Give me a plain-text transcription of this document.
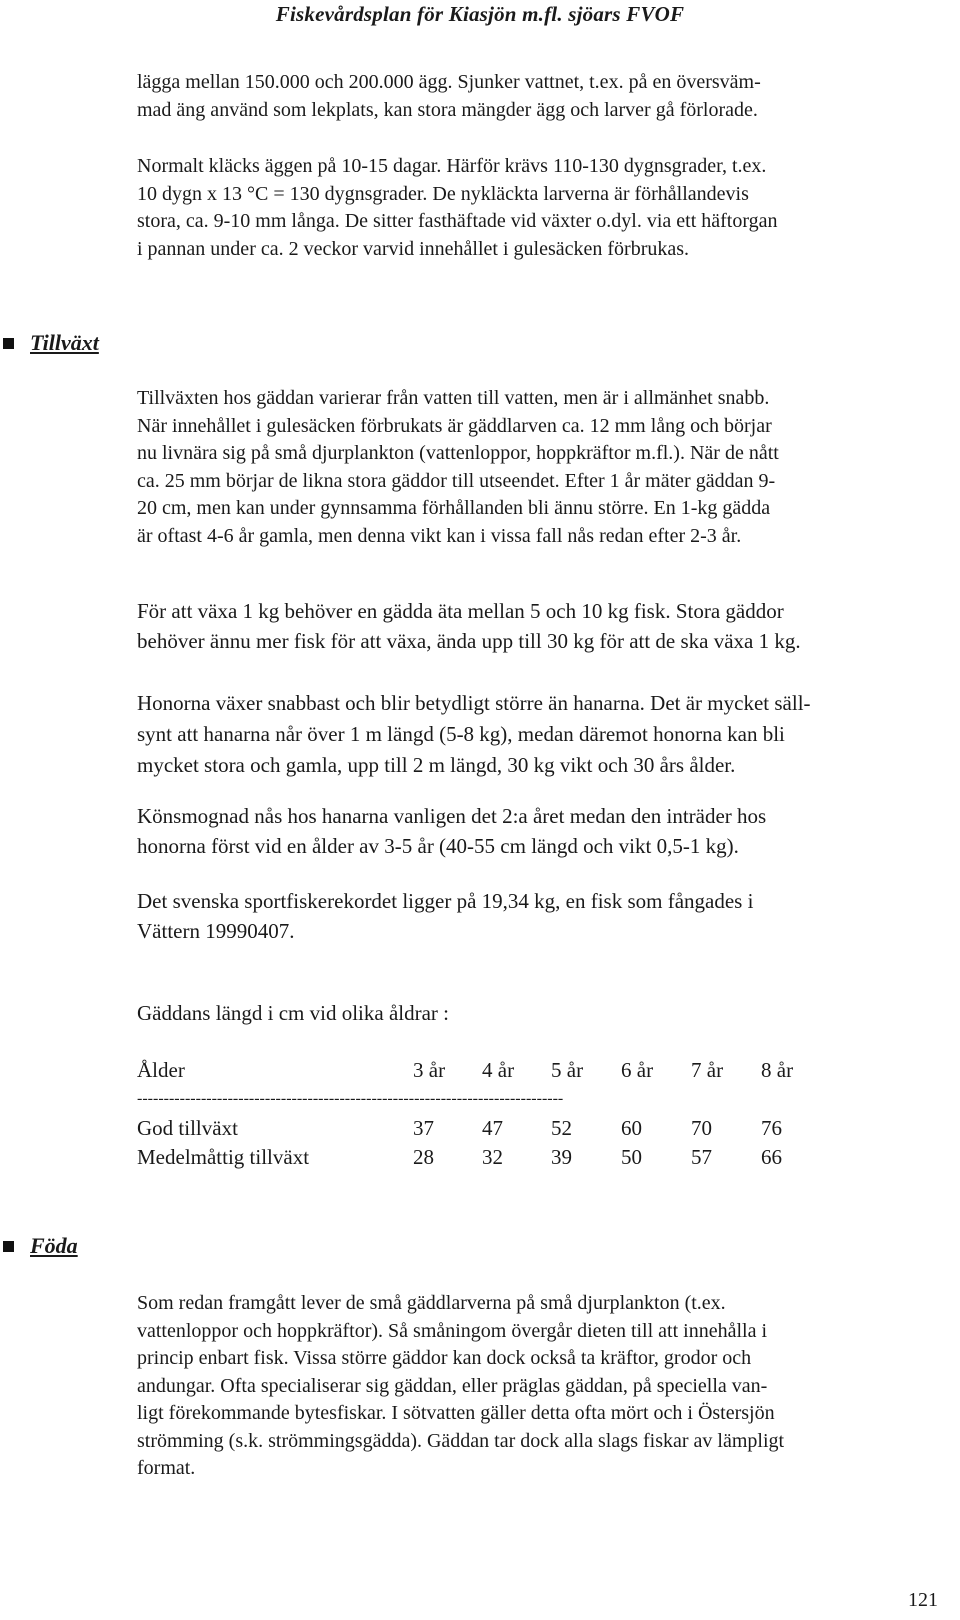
Fiskevårdsplan för Kiasjön m.fl. sjöars FVOF

lägga mellan 150.000 och 200.000 ägg. Sjunker vattnet, t.ex. på en översväm-
mad äng använd som lekplats, kan stora mängder ägg och larver gå förlorade.

Normalt kläcks äggen på 10-15 dagar. Härför krävs 110-130 dygnsgrader, t.ex.
10 dygn x 13 °C = 130 dygnsgrader. De nykläckta larverna är förhållandevis
stora, ca. 9-10 mm långa. De sitter fasthäftade vid växter o.dyl. via ett häftorgan
i pannan under ca. 2 veckor varvid innehållet i gulesäcken förbrukas.

Tillväxt

Tillväxten hos gäddan varierar från vatten till vatten, men är i allmänhet snabb.
När innehållet i gulesäcken förbrukats är gäddlarven ca. 12 mm lång och börjar
nu livnära sig på små djurplankton (vattenloppor, hoppkräftor m.fl.). När de nått
ca. 25 mm börjar de likna stora gäddor till utseendet. Efter 1 år mäter gäddan 9-
20 cm, men kan under gynnsamma förhållanden bli ännu större. En 1-kg gädda
är oftast 4-6 år gamla, men denna vikt kan i vissa fall nås redan efter 2-3 år.

För att växa 1 kg behöver en gädda äta mellan 5 och 10 kg fisk. Stora gäddor
behöver ännu mer fisk för att växa, ända upp till 30 kg för att de ska växa 1 kg.

Honorna växer snabbast och blir betydligt större än hanarna. Det är mycket säll-
synt att hanarna når över 1 m längd (5-8 kg), medan däremot honorna kan bli
mycket stora och gamla, upp till 2 m längd, 30 kg vikt och 30 års ålder.

Könsmognad nås hos hanarna vanligen det 2:a året medan den inträder hos
honorna först vid en ålder av 3-5 år (40-55 cm längd och vikt 0,5-1 kg).

Det svenska sportfiskerekordet ligger på 19,34 kg, en fisk som fångades i
Vättern 19990407.

Gäddans längd i cm vid olika åldrar :
Ålder	3 år 4 år 5 år 6 år 7 år 8 år
--------------------------------------------------------------------------------
God tillväxt	37 47 52 60 70 76
Medelmåttig tillväxt	28 32 39 50 57 66
Föda

Som redan framgått lever de små gäddlarverna på små djurplankton (t.ex.
vattenloppor och hoppkräftor). Så småningom övergår dieten till att innehålla i
princip enbart fisk. Vissa större gäddor kan dock också ta kräftor, grodor och
andungar. Ofta specialiserar sig gäddan, eller präglas gäddan, på speciella van-
ligt förekommande bytesfiskar. I sötvatten gäller detta ofta mört och i Östersjön
strömming (s.k. strömmingsgädda). Gäddan tar dock alla slags fiskar av lämpligt
format.

121
